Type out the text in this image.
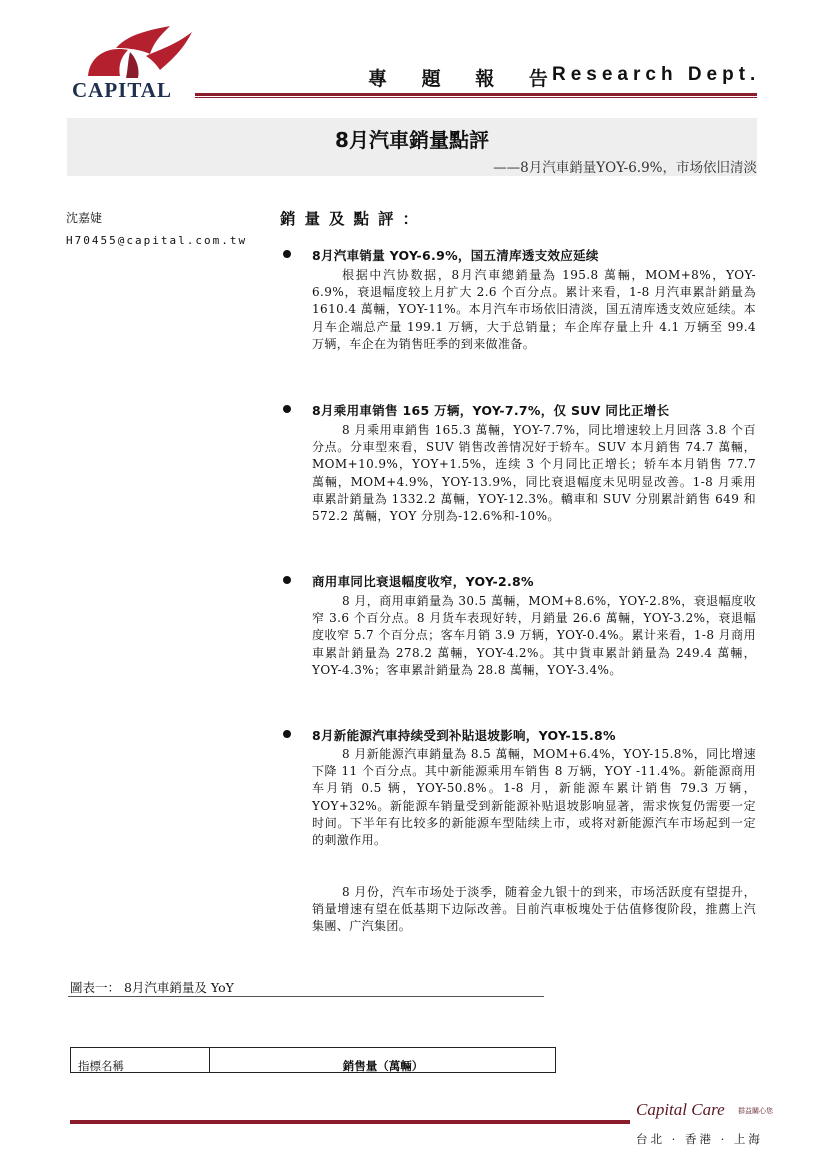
CAPITAL	專 題 報 告
Research Dept.
8月汽車銷量點評
——8月汽車銷量YOY-6.9%，市场依旧清淡
沈嘉婕
H70455@capital.com.tw
銷量及點評：
8月汽車销量 YOY-6.9%，国五清库透支效应延续
根据中汽协数据，8月汽車總銷量為 195.8 萬輛，MOM+8%，YOY-6.9%，衰退幅度较上月扩大 2.6 个百分点。累计来看，1-8 月汽車累計銷量為 1610.4 萬輛，YOY-11%。本月汽车市场依旧清淡，国五清库透支效应延续。本月车企端总产量 199.1 万辆，大于总销量；车企库存量上升 4.1 万辆至 99.4 万辆，车企在为销售旺季的到来做准备。
8月乘用車销售 165 万辆，YOY-7.7%，仅 SUV 同比正增长
8 月乘用車銷售 165.3 萬輛，YOY-7.7%，同比增速较上月回落 3.8 个百分点。分車型來看，SUV 销售改善情况好于轿车。SUV 本月銷售 74.7 萬輛，MOM+10.9%，YOY+1.5%，连续 3 个月同比正增长；轿车本月销售 77.7 萬輛，MOM+4.9%，YOY-13.9%，同比衰退幅度未见明显改善。1-8 月乘用車累計銷量為 1332.2 萬輛，YOY-12.3%。轎車和 SUV 分別累計銷售 649 和 572.2 萬輛，YOY 分別為-12.6%和-10%。
商用車同比衰退幅度收窄，YOY-2.8%
8 月，商用車銷量為 30.5 萬輛，MOM+8.6%，YOY-2.8%，衰退幅度收窄 3.6 个百分点。8 月货车表现好转，月銷量 26.6 萬輛，YOY-3.2%，衰退幅度收窄 5.7 个百分点；客车月销 3.9 万辆，YOY-0.4%。累计来看，1-8 月商用車累計銷量為 278.2 萬輛，YOY-4.2%。其中貨車累計銷量為 249.4 萬輛，YOY-4.3%；客車累計銷量為 28.8 萬輛，YOY-3.4%。
8月新能源汽車持续受到补貼退坡影响，YOY-15.8%
8 月新能源汽車銷量為 8.5 萬輛，MOM+6.4%，YOY-15.8%，同比增速下降 11 个百分点。其中新能源乘用车销售 8 万辆，YOY -11.4%。新能源商用车月销 0.5 辆，YOY-50.8%。1-8 月，新能源车累计销售 79.3 万辆，YOY+32%。新能源车销量受到新能源补贴退坡影响显著，需求恢复仍需要一定时间。下半年有比较多的新能源车型陆续上市，或将对新能源汽车市场起到一定的刺激作用。
8 月份，汽车市场处于淡季，随着金九银十的到来，市场活跃度有望提升，销量增速有望在低基期下边际改善。目前汽車板塊处于估值修復阶段，推薦上汽集團、广汽集团。
圖表一： 8月汽車銷量及 YoY
指標名稱	銷售量（萬輛）
Capital Care 群益關心您
台北 · 香港 · 上海
